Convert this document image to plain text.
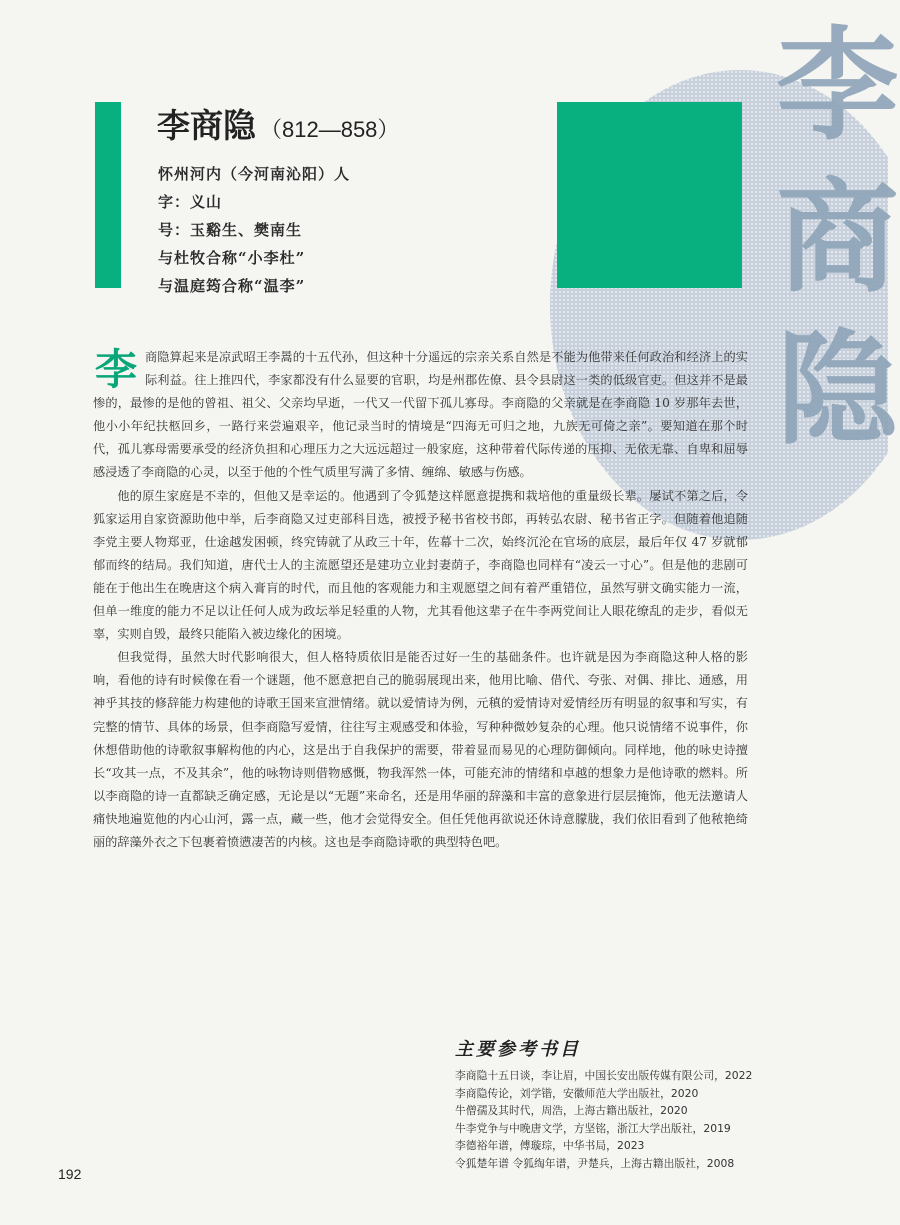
李
商
隐
李商隐 （812—858）
怀州河内（今河南沁阳）人
字：义山
号：玉谿生、樊南生
与杜牧合称“小李杜”
与温庭筠合称“温李”

李商隐算起来是凉武昭王李暠的十五代孙，但这种十分遥远的宗亲关系自然是不能为他带来任何政治和经济上的实际利益。往上推四代，李家都没有什么显要的官职，均是州郡佐僚、县令县尉这一类的低级官吏。但这并不是最惨的，最惨的是他的曾祖、祖父、父亲均早逝，一代又一代留下孤儿寡母。李商隐的父亲就是在李商隐 10 岁那年去世，他小小年纪扶柩回乡，一路行来尝遍艰辛，他记录当时的情境是“四海无可归之地，九族无可倚之亲”。要知道在那个时代，孤儿寡母需要承受的经济负担和心理压力之大远远超过一般家庭，这种带着代际传递的压抑、无依无靠、自卑和屈辱感浸透了李商隐的心灵，以至于他的个性气质里写满了多情、缠绵、敏感与伤感。

他的原生家庭是不幸的，但他又是幸运的。他遇到了令狐楚这样愿意提携和栽培他的重量级长辈。屡试不第之后，令狐家运用自家资源助他中举，后李商隐又过吏部科目选，被授予秘书省校书郎，再转弘农尉、秘书省正字。但随着他追随李党主要人物郑亚，仕途越发困顿，终究铸就了从政三十年，佐幕十二次，始终沉沦在官场的底层，最后年仅 47 岁就郁郁而终的结局。我们知道，唐代士人的主流愿望还是建功立业封妻荫子，李商隐也同样有“凌云一寸心”。但是他的悲剧可能在于他出生在晚唐这个病入膏肓的时代，而且他的客观能力和主观愿望之间有着严重错位，虽然写骈文确实能力一流，但单一维度的能力不足以让任何人成为政坛举足轻重的人物，尤其看他这辈子在牛李两党间让人眼花缭乱的走步，看似无辜，实则自毁，最终只能陷入被边缘化的困境。

但我觉得，虽然大时代影响很大，但人格特质依旧是能否过好一生的基础条件。也许就是因为李商隐这种人格的影响，看他的诗有时候像在看一个谜题，他不愿意把自己的脆弱展现出来，他用比喻、借代、夸张、对偶、排比、通感，用神乎其技的修辞能力构建他的诗歌王国来宣泄情绪。就以爱情诗为例，元稹的爱情诗对爱情经历有明显的叙事和写实，有完整的情节、具体的场景，但李商隐写爱情，往往写主观感受和体验，写种种微妙复杂的心理。他只说情绪不说事件，你休想借助他的诗歌叙事解构他的内心，这是出于自我保护的需要，带着显而易见的心理防御倾向。同样地，他的咏史诗擅长“攻其一点，不及其余”，他的咏物诗则借物感慨，物我浑然一体，可能充沛的情绪和卓越的想象力是他诗歌的燃料。所以李商隐的诗一直都缺乏确定感，无论是以“无题”来命名，还是用华丽的辞藻和丰富的意象进行层层掩饰，他无法邀请人痛快地遍览他的内心山河，露一点，藏一些，他才会觉得安全。但任凭他再欲说还休诗意朦胧，我们依旧看到了他秾艳绮丽的辞藻外衣之下包裹着愤懑凄苦的内核。这也是李商隐诗歌的典型特色吧。

主要参考书目
李商隐十五日谈，李让眉，中国长安出版传媒有限公司，2022
李商隐传论，刘学锴，安徽师范大学出版社，2020
牛僧孺及其时代，周浩，上海古籍出版社，2020
牛李党争与中晚唐文学，方坚铭，浙江大学出版社，2019
李德裕年谱，傅璇琮，中华书局，2023
令狐楚年谱 令狐绹年谱，尹楚兵，上海古籍出版社，2008
192
